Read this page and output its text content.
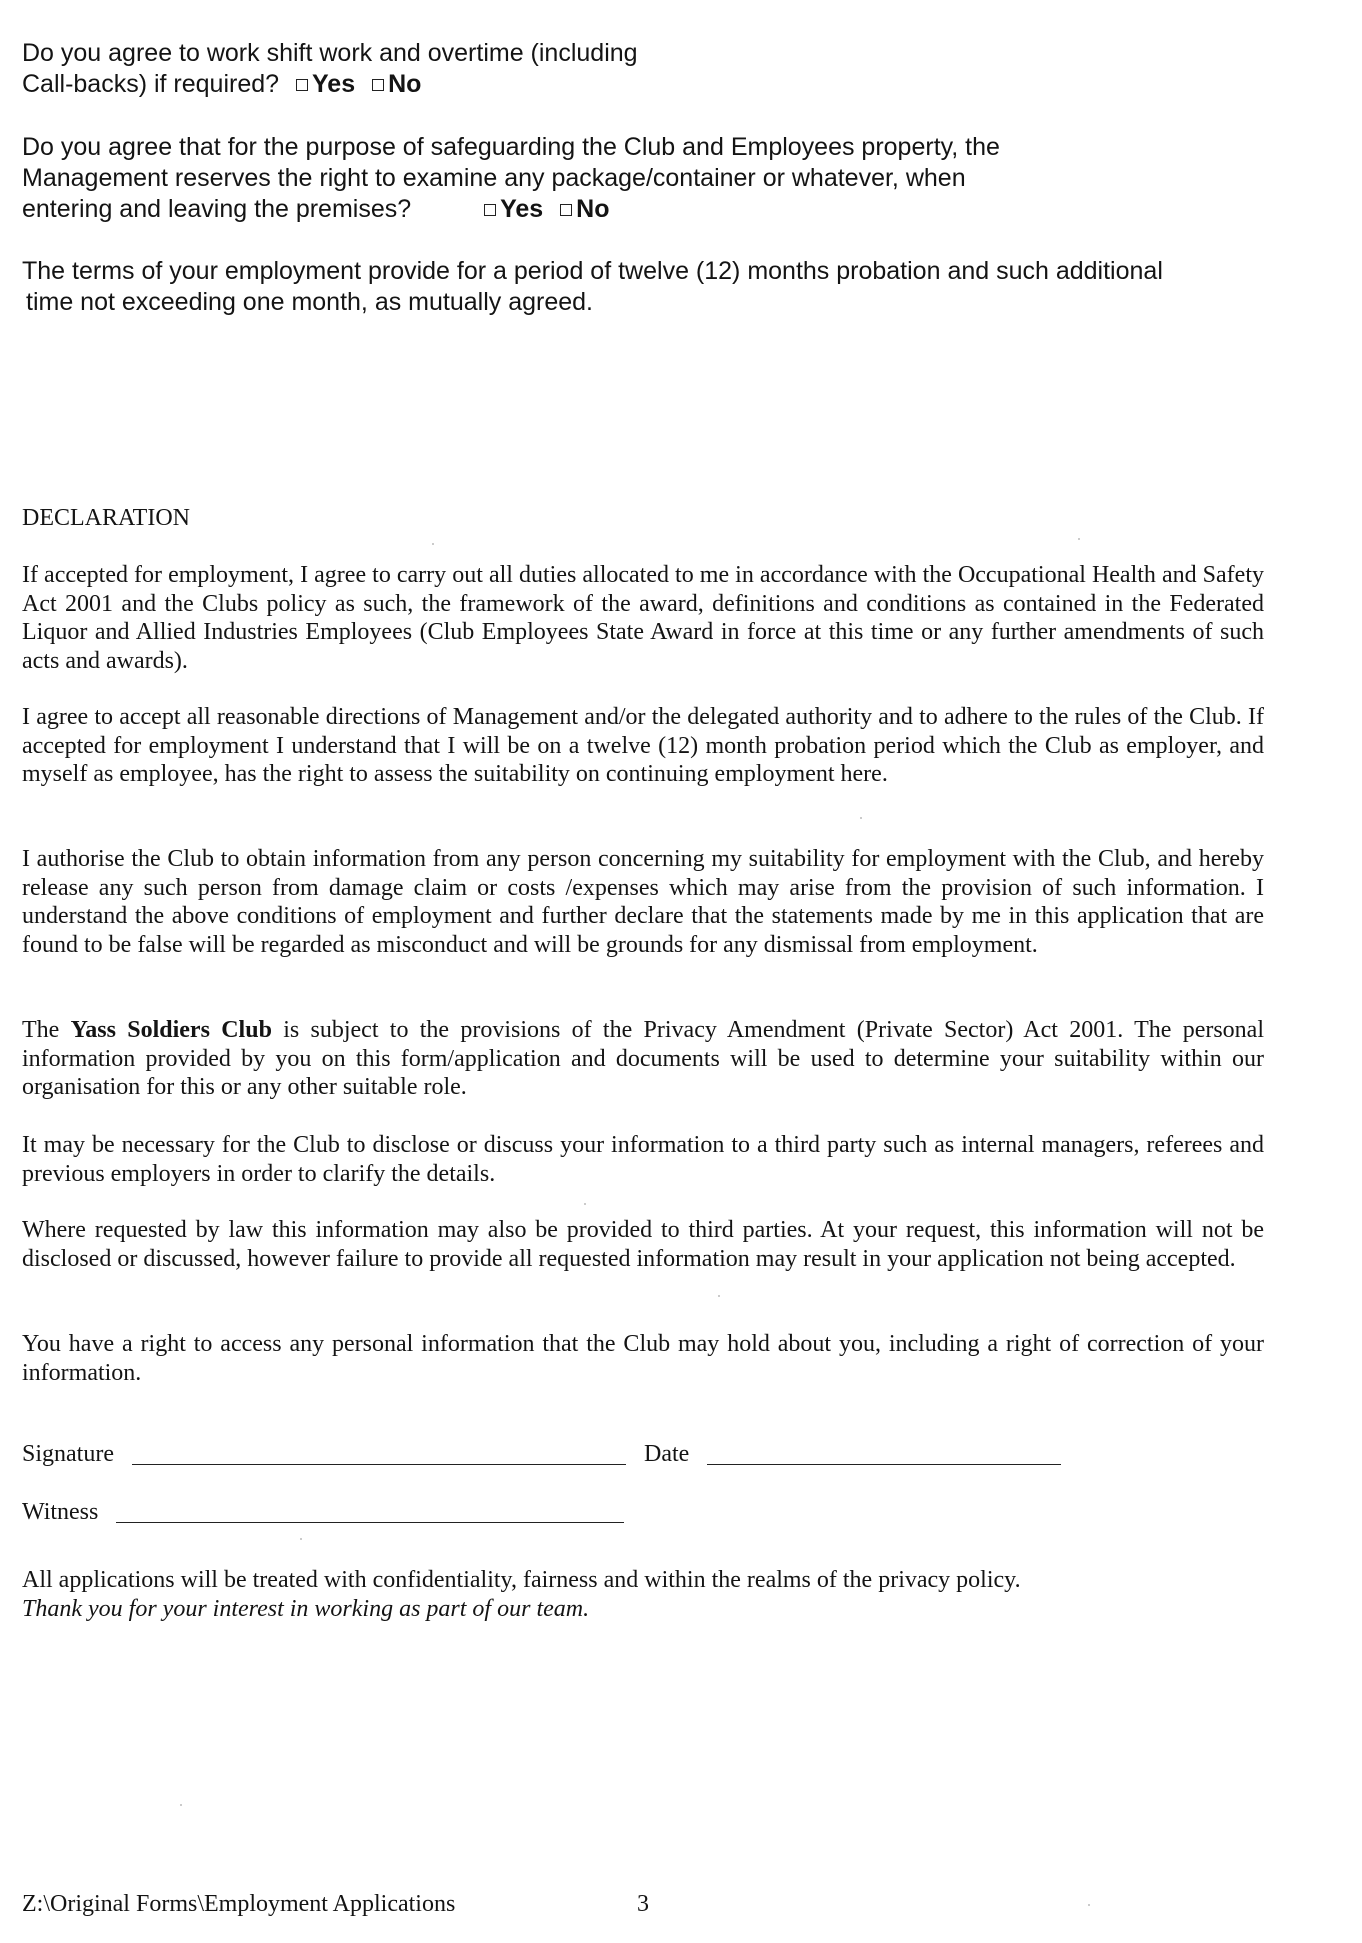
Do you agree to work shift work and overtime (including
Call-backs) if required? Yes No
Do you agree that for the purpose of safeguarding the Club and Employees property, the
Management reserves the right to examine any package/container or whatever, when
entering and leaving the premises?	Yes No
The terms of your employment provide for a period of twelve (12) months probation and such additional
time not exceeding one month, as mutually agreed.
DECLARATION
If accepted for employment, I agree to carry out all duties allocated to me in accordance with the Occupational Health and Safety Act 2001 and the Clubs policy as such, the framework of the award, definitions and conditions as contained in the Federated Liquor and Allied Industries Employees (Club Employees State Award in force at this time or any further amendments of such acts and awards).
I agree to accept all reasonable directions of Management and/or the delegated authority and to adhere to the rules of the Club. If accepted for employment I understand that I will be on a twelve (12) month probation period which the Club as employer, and myself as employee, has the right to assess the suitability on continuing employment here.
I authorise the Club to obtain information from any person concerning my suitability for employment with the Club, and hereby release any such person from damage claim or costs /expenses which may arise from the provision of such information. I understand the above conditions of employment and further declare that the statements made by me in this application that are found to be false will be regarded as misconduct and will be grounds for any dismissal from employment.
The Yass Soldiers Club is subject to the provisions of the Privacy Amendment (Private Sector) Act 2001. The personal information provided by you on this form/application and documents will be used to determine your suitability within our organisation for this or any other suitable role.
It may be necessary for the Club to disclose or discuss your information to a third party such as internal managers, referees and previous employers in order to clarify the details.
Where requested by law this information may also be provided to third parties. At your request, this information will not be disclosed or discussed, however failure to provide all requested information may result in your application not being accepted.
You have a right to access any personal information that the Club may hold about you, including a right of correction of your information.
Signature	Date
Witness
All applications will be treated with confidentiality, fairness and within the realms of the privacy policy.
Thank you for your interest in working as part of our team.
Z:\Original Forms\Employment Applications	3
